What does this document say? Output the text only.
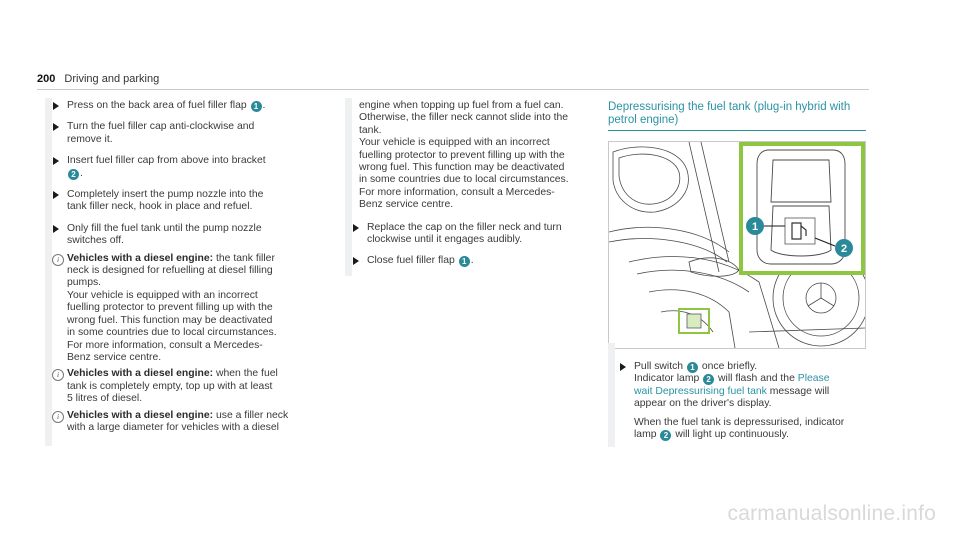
200 Driving and parking
Press on the back area of fuel filler flap 1 .
Turn the fuel filler cap anti-clockwise and
remove it.
Insert fuel filler cap from above into bracket
2 .
Completely insert the pump nozzle into the
tank filler neck, hook in place and refuel.
Only fill the fuel tank until the pump nozzle
switches off.
i Vehicles with a diesel engine: the tank filler
neck is designed for refuelling at diesel filling
pumps.
Your vehicle is equipped with an incorrect
fuelling protector to prevent filling up with the
wrong fuel. This function may be deactivated
in some countries due to local circumstances.
For more information, consult a Mercedes-
Benz service centre.
i Vehicles with a diesel engine: when the fuel
tank is completely empty, top up with at least
5 litres of diesel.
i Vehicles with a diesel engine: use a filler neck
with a large diameter for vehicles with a diesel
engine when topping up fuel from a fuel can.
Otherwise, the filler neck cannot slide into the
tank.
Your vehicle is equipped with an incorrect
fuelling protector to prevent filling up with the
wrong fuel. This function may be deactivated
in some countries due to local circumstances.
For more information, consult a Mercedes-
Benz service centre.
Replace the cap on the filler neck and turn
clockwise until it engages audibly.
Close fuel filler flap 1 .
Depressurising the fuel tank (plug-in hybrid with
petrol engine)
1
2
Pull switch 1 once briefly.
Indicator lamp 2 will flash and the Please
wait Depressurising fuel tank message will
appear on the driver's display.
When the fuel tank is depressurised, indicator
lamp 2 will light up continuously.
carmanualsonline.info
